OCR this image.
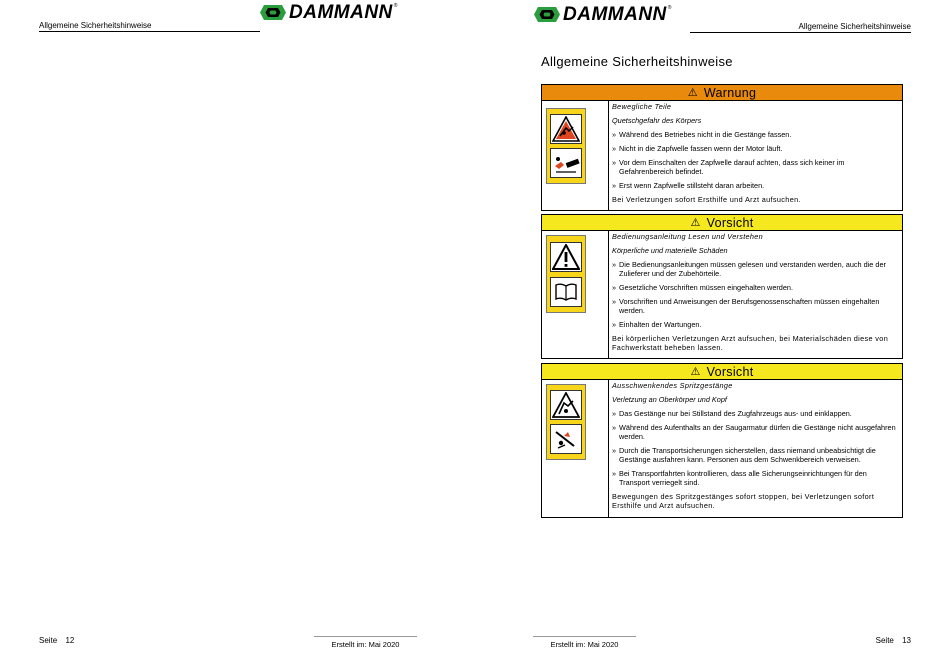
Allgemeine Sicherheitshinweise
DAMMANN ®
Seite 12	Erstellt im: Mai 2020
DAMMANN ®
Allgemeine Sicherheitshinweise
Allgemeine Sicherheitshinweise
⚠ Warnung

Bewegliche Teile

Quetschgefahr des Körpers

» Während des Betriebes nicht in die Gestänge fassen.
» Nicht in die Zapfwelle fassen wenn der Motor läuft.
» Vor dem Einschalten der Zapfwelle darauf achten, dass sich keiner im Gefahrenbereich befindet.
» Erst wenn Zapfwelle stillsteht daran arbeiten.

Bei Verletzungen sofort Ersthilfe und Arzt aufsuchen.

⚠ Vorsicht

Bedienungsanleitung Lesen und Verstehen

Körperliche und materielle Schäden

» Die Bedienungsanleitungen müssen gelesen und verstanden werden, auch die der Zulieferer und der Zubehörteile.
» Gesetzliche Vorschriften müssen eingehalten werden.
» Vorschriften und Anweisungen der Berufsgenossenschaften müssen eingehalten werden.
» Einhalten der Wartungen.

Bei körperlichen Verletzungen Arzt aufsuchen, bei Materialschäden diese von Fachwerkstatt beheben lassen.

⚠ Vorsicht

Ausschwenkendes Spritzgestänge

Verletzung an Oberkörper und Kopf

» Das Gestänge nur bei Stillstand des Zugfahrzeugs aus- und einklappen.
» Während des Aufenthalts an der Saugarmatur dürfen die Gestänge nicht ausgefahren werden.
» Durch die Transportsicherungen sicherstellen, dass niemand unbeabsichtigt die Gestänge ausfahren kann. Personen aus dem Schwenkbereich verweisen.
» Bei Transportfahrten kontrollieren, dass alle Sicherungseinrichtungen für den Transport verriegelt sind.

Bewegungen des Spritzgestänges sofort stoppen, bei Verletzungen sofort Ersthilfe und Arzt aufsuchen.

Erstellt im: Mai 2020	Seite 13
